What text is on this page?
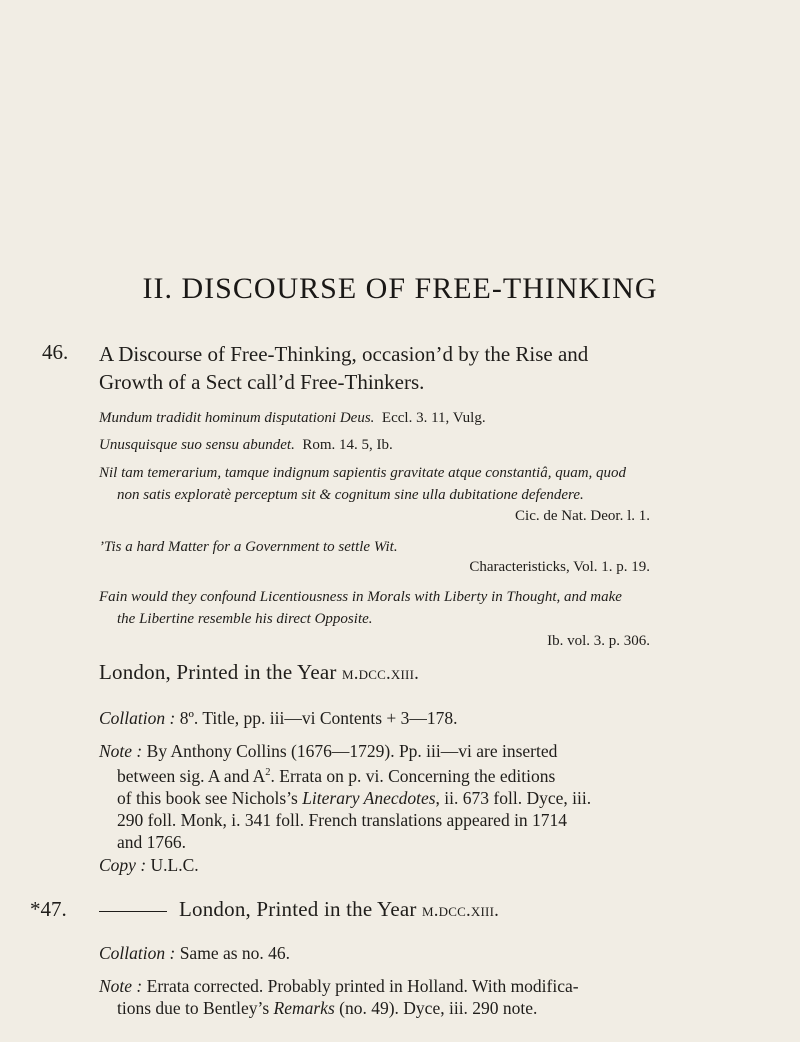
II. DISCOURSE OF FREE-THINKING
46. A Discourse of Free-Thinking, occasion’d by the Rise and
Growth of a Sect call’d Free-Thinkers.
Mundum tradidit hominum disputationi Deus. Eccl. 3. 11, Vulg.
Unusquisque suo sensu abundet. Rom. 14. 5, Ib.
Nil tam temerarium, tamque indignum sapientis gravitate atque constantiâ, quam, quod
non satis exploratè perceptum sit & cognitum sine ulla dubitatione defendere.
Cic. de Nat. Deor. l. 1.
’Tis a hard Matter for a Government to settle Wit.
Characteristicks, Vol. 1. p. 19.
Fain would they confound Licentiousness in Morals with Liberty in Thought, and make
the Libertine resemble his direct Opposite.
Ib. vol. 3. p. 306.
London, Printed in the Year m.dcc.xiii.
Collation : 8º. Title, pp. iii—vi Contents + 3—178.
Note : By Anthony Collins (1676—1729). Pp. iii—vi are inserted
between sig. A and $A^2$. Errata on p. vi. Concerning the editions
of this book see Nichols’s Literary Anecdotes, ii. 673 foll. Dyce, iii.
290 foll. Monk, i. 341 foll. French translations appeared in 1714
and 1766.
Copy : U.L.C.
*47.	London, Printed in the Year m.dcc.xiii.
Collation : Same as no. 46.
Note : Errata corrected. Probably printed in Holland. With modifica-
tions due to Bentley’s Remarks (no. 49). Dyce, iii. 290 note.
